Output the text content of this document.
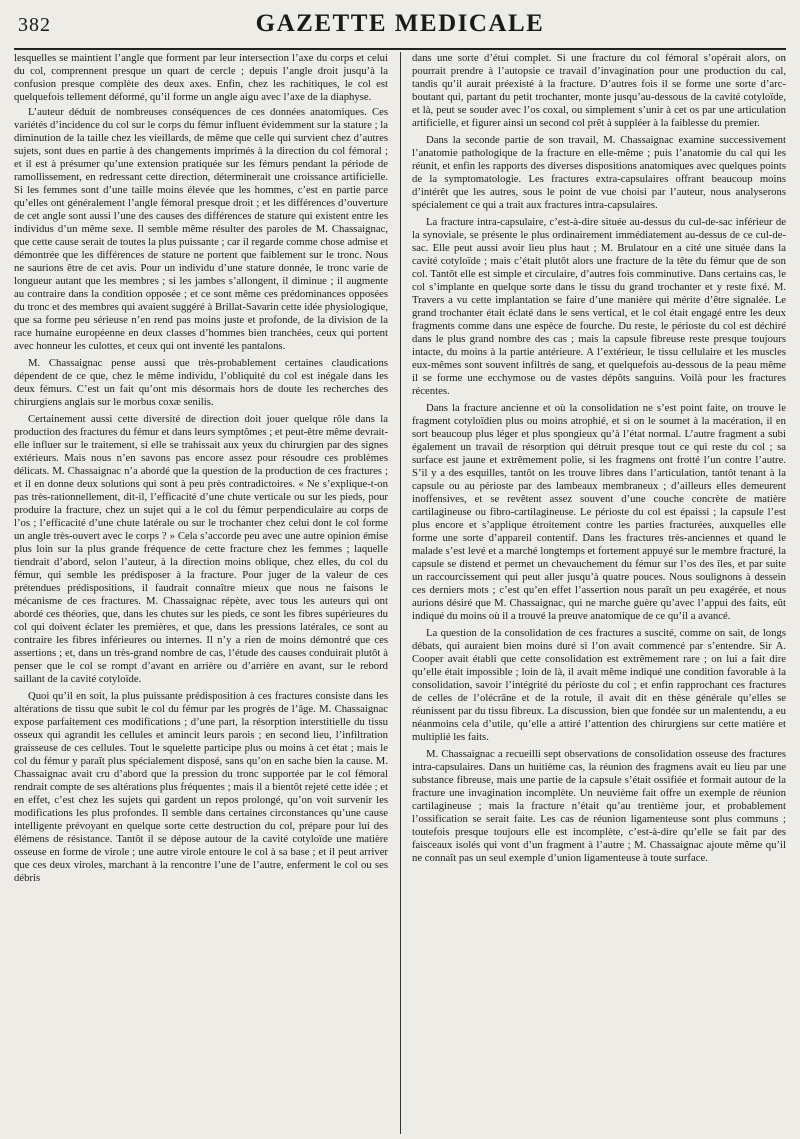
382	GAZETTE MEDICALE

lesquelles se maintient l’angle que forment par leur intersection l’axe du corps et celui du col, comprennent presque un quart de cercle ; depuis l’angle droit jusqu’à la confusion presque complète des deux axes. Enfin, chez les rachitiques, le col est quelquefois tellement déformé, qu’il forme un angle aigu avec l’axe de la diaphyse.

L’auteur déduit de nombreuses conséquences de ces données anatomiques. Ces variétés d’incidence du col sur le corps du fémur influent évidemment sur la stature ; la diminution de la taille chez les vieillards, de même que celle qui survient chez d’autres sujets, sont dues en partie à des changements imprimés à la direction du col fémoral ; et il est à présumer qu’une extension pratiquée sur les fémurs pendant la période de ramollissement, en redressant cette direction, déterminerait une croissance artificielle. Si les femmes sont d’une taille moins élevée que les hommes, c’est en partie parce qu’elles ont généralement l’angle fémoral presque droit ; et les différences d’ouverture de cet angle sont aussi l’une des causes des différences de stature qui existent entre les individus d’un même sexe. Il semble même résulter des paroles de M. Chassaignac, que cette cause serait de toutes la plus puissante ; car il regarde comme chose admise et démontrée que les différences de stature ne portent que faiblement sur le tronc. Nous ne saurions être de cet avis. Pour un individu d’une stature donnée, le tronc varie de longueur autant que les membres ; si les jambes s’allongent, il diminue ; il augmente au contraire dans la condition opposée ; et ce sont même ces prédominances opposées du tronc et des membres qui avaient suggéré à Brillat-Savarin cette idée physiologique, que sa forme peu sérieuse n’en rend pas moins juste et profonde, de la division de la race humaine européenne en deux classes d’hommes bien tranchées, ceux qui portent avec honneur les culottes, et ceux qui ont inventé les pantalons.

M. Chassaignac pense aussi que très-probablement certaines claudications dépendent de ce que, chez le même individu, l’obliquité du col est inégale dans les deux fémurs. C’est un fait qu’ont mis désormais hors de doute les recherches des chirurgiens anglais sur le morbus coxæ senilis.

Certainement aussi cette diversité de direction doit jouer quelque rôle dans la production des fractures du fémur et dans leurs symptômes ; et peut-être même devrait-elle influer sur le traitement, si elle se trahissait aux yeux du chirurgien par des signes extérieurs. Mais nous n’en savons pas encore assez pour résoudre ces problèmes délicats. M. Chassaignac n’a abordé que la question de la production de ces fractures ; et il en donne deux solutions qui sont à peu près contradictoires. « Ne s’explique-t-on pas très-rationnellement, dit-il, l’efficacité d’une chute verticale ou sur les pieds, pour produire la fracture, chez un sujet qui a le col du fémur perpendiculaire au corps de l’os ; l’efficacité d’une chute latérale ou sur le trochanter chez celui dont le col forme un angle très-ouvert avec le corps ? » Cela s’accorde peu avec une autre opinion émise plus loin sur la plus grande fréquence de cette fracture chez les femmes ; laquelle tiendrait d’abord, selon l’auteur, à la direction moins oblique, chez elles, du col du fémur, qui semble les prédisposer à la fracture. Pour juger de la valeur de ces prétendues prédispositions, il faudrait connaître mieux que nous ne faisons le mécanisme de ces fractures. M. Chassaignac répète, avec tous les auteurs qui ont abordé ces théories, que, dans les chutes sur les pieds, ce sont les fibres supérieures du col qui doivent éclater les premières, et que, dans les pressions latérales, ce sont au contraire les fibres inférieures ou internes. Il n’y a rien de moins démontré que ces assertions ; et, dans un très-grand nombre de cas, l’étude des causes conduirait plutôt à penser que le col se rompt d’avant en arrière ou d’arrière en avant, sur le rebord saillant de la cavité cotyloïde.

Quoi qu’il en soit, la plus puissante prédisposition à ces fractures consiste dans les altérations de tissu que subit le col du fémur par les progrès de l’âge. M. Chassaignac expose parfaitement ces modifications ; d’une part, la résorption interstitielle du tissu osseux qui agrandit les cellules et amincit leurs parois ; en second lieu, l’infiltration graisseuse de ces cellules. Tout le squelette participe plus ou moins à cet état ; mais le col du fémur y paraît plus spécialement disposé, sans qu’on en sache bien la cause. M. Chassaignac avait cru d’abord que la pression du tronc supportée par le col fémoral rendrait compte de ses altérations plus fréquentes ; mais il a bientôt rejeté cette idée ; et en effet, c’est chez les sujets qui gardent un repos prolongé, qu’on voit survenir les modifications les plus profondes. Il semble dans certaines circonstances qu’une cause intelligente prévoyant en quelque sorte cette destruction du col, prépare pour lui des élémens de résistance. Tantôt il se dépose autour de la cavité cotyloïde une matière osseuse en forme de virole ; une autre virole entoure le col à sa base ; et il peut arriver que ces deux viroles, marchant à la rencontre l’une de l’autre, enferment le col ou ses débris

dans une sorte d’étui complet. Si une fracture du col fémoral s’opérait alors, on pourrait prendre à l’autopsie ce travail d’invagination pour une production du cal, tandis qu’il aurait préexisté à la fracture. D’autres fois il se forme une sorte d’arc-boutant qui, partant du petit trochanter, monte jusqu’au-dessous de la cavité cotyloïde, et là, peut se souder avec l’os coxal, ou simplement s’unir à cet os par une articulation artificielle, et figurer ainsi un second col prêt à suppléer à la faiblesse du premier.

Dans la seconde partie de son travail, M. Chassaignac examine successivement l’anatomie pathologique de la fracture en elle-même ; puis l’anatomie du cal qui les réunit, et enfin les rapports des diverses dispositions anatomiques avec quelques points de la symptomatologie. Les fractures extra-capsulaires offrant beaucoup moins d’intérêt que les autres, sous le point de vue choisi par l’auteur, nous analyserons spécialement ce qui a trait aux fractures intra-capsulaires.

La fracture intra-capsulaire, c’est-à-dire située au-dessus du cul-de-sac inférieur de la synoviale, se présente le plus ordinairement immédiatement au-dessus de ce cul-de-sac. Elle peut aussi avoir lieu plus haut ; M. Brulatour en a cité une située dans la cavité cotyloïde ; mais c’était plutôt alors une fracture de la tête du fémur que de son col. Tantôt elle est simple et circulaire, d’autres fois comminutive. Dans certains cas, le col s’implante en quelque sorte dans le tissu du grand trochanter et y reste fixé. M. Travers a vu cette implantation se faire d’une manière qui mérite d’être signalée. Le grand trochanter était éclaté dans le sens vertical, et le col était engagé entre les deux fragments comme dans une espèce de fourche. Du reste, le périoste du col est déchiré dans le plus grand nombre des cas ; mais la capsule fibreuse reste presque toujours intacte, du moins à la partie antérieure. A l’extérieur, le tissu cellulaire et les muscles eux-mêmes sont souvent infiltrés de sang, et quelquefois au-dessous de la peau même il se forme une ecchymose ou de vastes dépôts sanguins. Voilà pour les fractures récentes.

Dans la fracture ancienne et où la consolidation ne s’est point faite, on trouve le fragment cotyloïdien plus ou moins atrophié, et si on le soumet à la macération, il en sort beaucoup plus léger et plus spongieux qu’à l’état normal. L’autre fragment a subi également un travail de résorption qui détruit presque tout ce qui reste du col ; sa surface est jaune et extrêmement polie, si les fragmens ont frotté l’un contre l’autre. S’il y a des esquilles, tantôt on les trouve libres dans l’articulation, tantôt tenant à la capsule ou au périoste par des lambeaux membraneux ; d’ailleurs elles demeurent inoffensives, et se revêtent assez souvent d’une couche concrète de matière cartilagineuse ou fibro-cartilagineuse. Le périoste du col est épaissi ; la capsule l’est plus encore et s’applique étroitement contre les parties fracturées, auxquelles elle forme une sorte d’appareil contentif. Dans les fractures très-anciennes et quand le malade s’est levé et a marché longtemps et fortement appuyé sur le membre fracturé, la capsule se distend et permet un chevauchement du fémur sur l’os des îles, et par suite un raccourcissement qui peut aller jusqu’à quatre pouces. Nous soulignons à dessein ces derniers mots ; c’est qu’en effet l’assertion nous paraît un peu exagérée, et nous aurions désiré que M. Chassaignac, qui ne marche guère qu’avec l’appui des faits, eût indiqué du moins où il a trouvé la preuve anatomique de ce qu’il a avancé.

La question de la consolidation de ces fractures a suscité, comme on sait, de longs débats, qui auraient bien moins duré si l’on avait commencé par s’entendre. Sir A. Cooper avait établi que cette consolidation est extrêmement rare ; on lui a fait dire qu’elle était impossible ; loin de là, il avait même indiqué une condition favorable à la consolidation, savoir l’intégrité du périoste du col ; et enfin rapprochant ces fractures de celles de l’olécrâne et de la rotule, il avait dit en thèse générale qu’elles se réunissent par du tissu fibreux. La discussion, bien que fondée sur un malentendu, a eu néanmoins cela d’utile, qu’elle a attiré l’attention des chirurgiens sur cette matière et multiplié les faits.

M. Chassaignac a recueilli sept observations de consolidation osseuse des fractures intra-capsulaires. Dans un huitième cas, la réunion des fragmens avait eu lieu par une substance fibreuse, mais une partie de la capsule s’était ossifiée et formait autour de la fracture une invagination incomplète. Un neuvième fait offre un exemple de réunion cartilagineuse ; mais la fracture n’était qu’au trentième jour, et probablement l’ossification se serait faite. Les cas de réunion ligamenteuse sont plus communs ; toutefois presque toujours elle est incomplète, c’est-à-dire qu’elle se fait par des faisceaux isolés qui vont d’un fragment à l’autre ; M. Chassaignac ajoute même qu’il ne connaît pas un seul exemple d’union ligamenteuse à toute surface.
